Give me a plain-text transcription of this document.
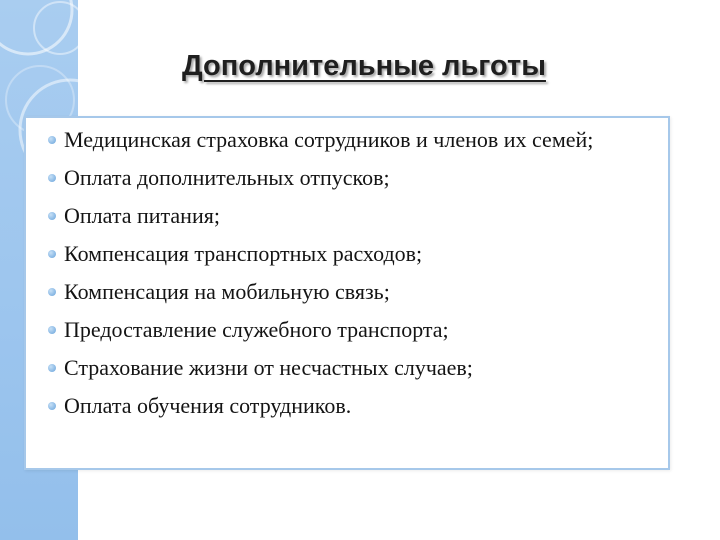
Дополнительные льготы
Медицинская страховка сотрудников и членов их семей;
Оплата дополнительных отпусков;
Оплата питания;
Компенсация транспортных расходов;
Компенсация на мобильную связь;
Предоставление служебного транспорта;
Страхование жизни от несчастных случаев;
Оплата обучения сотрудников.
